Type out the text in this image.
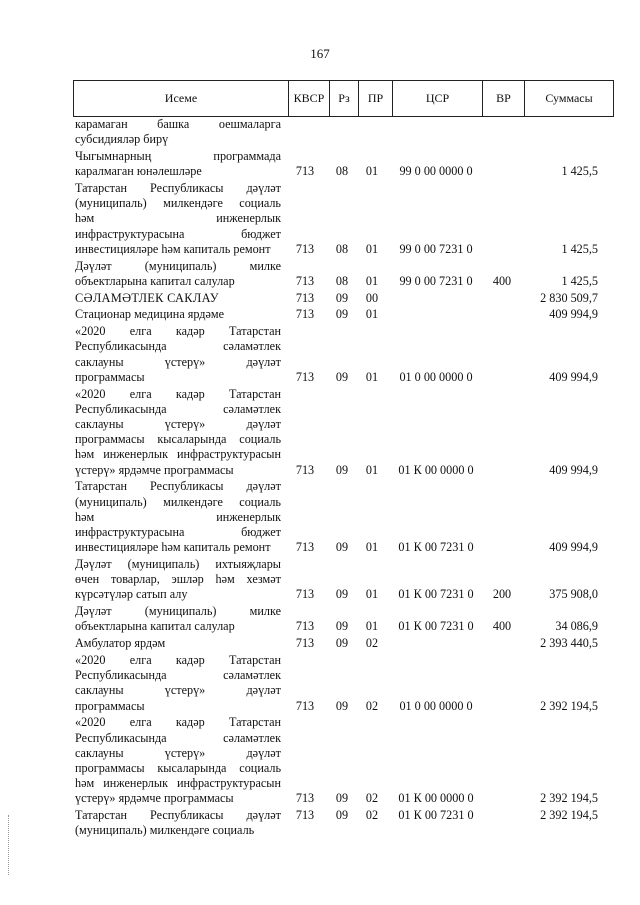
167
Исеме	КВСР	Рз	ПР	ЦСР	ВР	Суммасы
карамаган башка оешмаларга
субсидияләр бирү
Чыгымнарның программада
каралмаган юнәлешләре	713	08	01	99 0 00 0000 0	1 425,5
Татарстан Республикасы дәүләт
(муниципаль) милкендәге социаль
һәм инженерлык
инфраструктурасына бюджет
инвестицияләре һәм капиталь ремонт	713	08	01	99 0 00 7231 0	1 425,5
Дәүләт (муниципаль) милке
объектларына капитал салулар	713	08	01	99 0 00 7231 0	400	1 425,5
СӘЛАМӘТЛЕК САКЛАУ	713	09	00	2 830 509,7
Стационар медицина ярдәме	713	09	01	409 994,9
«2020 елга кадәр Татарстан
Республикасында сәламәтлек
саклауны үстерү» дәүләт
программасы	713	09	01	01 0 00 0000 0	409 994,9
«2020 елга кадәр Татарстан
Республикасында сәламәтлек
саклауны үстерү» дәүләт
программасы кысаларында социаль
һәм инженерлык инфраструктурасын
үстерү» ярдәмче программасы	713	09	01	01 К 00 0000 0	409 994,9
Татарстан Республикасы дәүләт
(муниципаль) милкендәге социаль
һәм инженерлык
инфраструктурасына бюджет
инвестицияләре һәм капиталь ремонт	713	09	01	01 К 00 7231 0	409 994,9
Дәүләт (муниципаль) ихтыяҗлары
өчен товарлар, эшләр һәм хезмәт
күрсәтүләр сатып алу	713	09	01	01 К 00 7231 0	200	375 908,0
Дәүләт (муниципаль) милке
объектларына капитал салулар	713	09	01	01 К 00 7231 0	400	34 086,9
Амбулатор ярдәм	713	09	02	2 393 440,5
«2020 елга кадәр Татарстан
Республикасында сәламәтлек
саклауны үстерү» дәүләт
программасы	713	09	02	01 0 00 0000 0	2 392 194,5
«2020 елга кадәр Татарстан
Республикасында сәламәтлек
саклауны үстерү» дәүләт
программасы кысаларында социаль
һәм инженерлык инфраструктурасын
үстерү» ярдәмче программасы	713	09	02	01 К 00 0000 0	2 392 194,5
Татарстан Республикасы дәүләт
(муниципаль) милкендәге социаль
713	09	02	01 К 00 7231 0	2 392 194,5
